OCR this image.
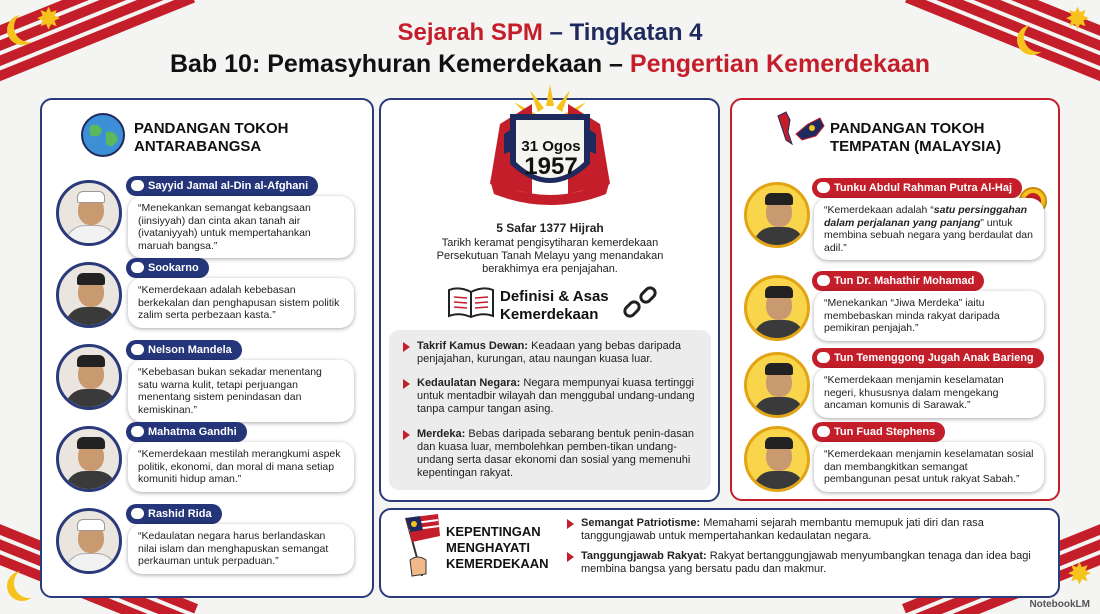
✸	✸
✸
Sejarah SPM – Tingkatan 4
Bab 10: Pemasyhuran Kemerdekaan – Pengertian Kemerdekaan
PANDANGAN TOKOH
ANTARABANGSA
Sayyid Jamal al-Din al-Afghani
“Menekankan semangat kebangsaan (iinsiyyah) dan cinta akan tanah air (ivataniyyah) untuk mempertahankan maruah bangsa.”
Sookarno
“Kemerdekaan adalah kebebasan berkekalan dan penghapusan sistem politik zalim serta perbezaan kasta.”
Nelson Mandela
“Kebebasan bukan sekadar menentang satu warna kulit, tetapi perjuangan menentang sistem penindasan dan kemiskinan.”
Mahatma Gandhi
“Kemerdekaan mestilah merangkumi aspek politik, ekonomi, dan moral di mana setiap komuniti hidup aman.”
Rashid Rida
“Kedaulatan negara harus berlandaskan nilai islam dan menghapuskan semangat perkauman untuk perpaduan.”
31 Ogos
1957
5 Safar 1377 Hijrah
Tarikh keramat pengisytiharan kemerdekaan Persekutuan Tanah Melayu yang menandakan berakhimya era penjajahan.
Definisi & Asas
Kemerdekaan
Takrif Kamus Dewan: Keadaan yang bebas daripada penjajahan, kurungan, atau naungan kuasa luar.
Kedaulatan Negara: Negara mempunyai kuasa tertinggi untuk mentadbir wilayah dan menggubal undang-undang tanpa campur tangan asing.
Merdeka: Bebas daripada sebarang bentuk penin-dasan dan kuasa luar, membolehkan pemben-tikan undang-undang serta dasar ekonomi dan sosial yang memenuhi kepentingan rakyat.
PANDANGAN TOKOH
TEMPATAN (MALAYSIA)
Tunku Abdul Rahman Putra Al-Haj
“Kemerdekaan adalah “satu persinggahan dalam perjalanan yang panjang” untuk membina sebuah negara yang berdaulat dan adil.”
Tun Dr. Mahathir Mohamad
“Menekankan “Jiwa Merdeka” iaitu membebaskan minda rakyat daripada pemikiran penjajah.”
Tun Temenggong Jugah Anak Barieng
“Kemerdekaan menjamin keselamatan negeri, khususnya dalam mengekang ancaman komunis di Sarawak.”
Tun Fuad Stephens
“Kemerdekaan menjamin keselamatan sosial dan membangkitkan semangat pembangunan pesat untuk rakyat Sabah.”
KEPENTINGAN
MENGHAYATI
KEMERDEKAAN
Semangat Patriotisme: Memahami sejarah membantu memupuk jati diri dan rasa tanggungjawab untuk mempertahankan kedaulatan negara.
Tanggungjawab Rakyat: Rakyat bertanggungjawab menyumbangkan tenaga dan idea bagi membina bangsa yang bersatu padu dan makmur.
NotebookLM
